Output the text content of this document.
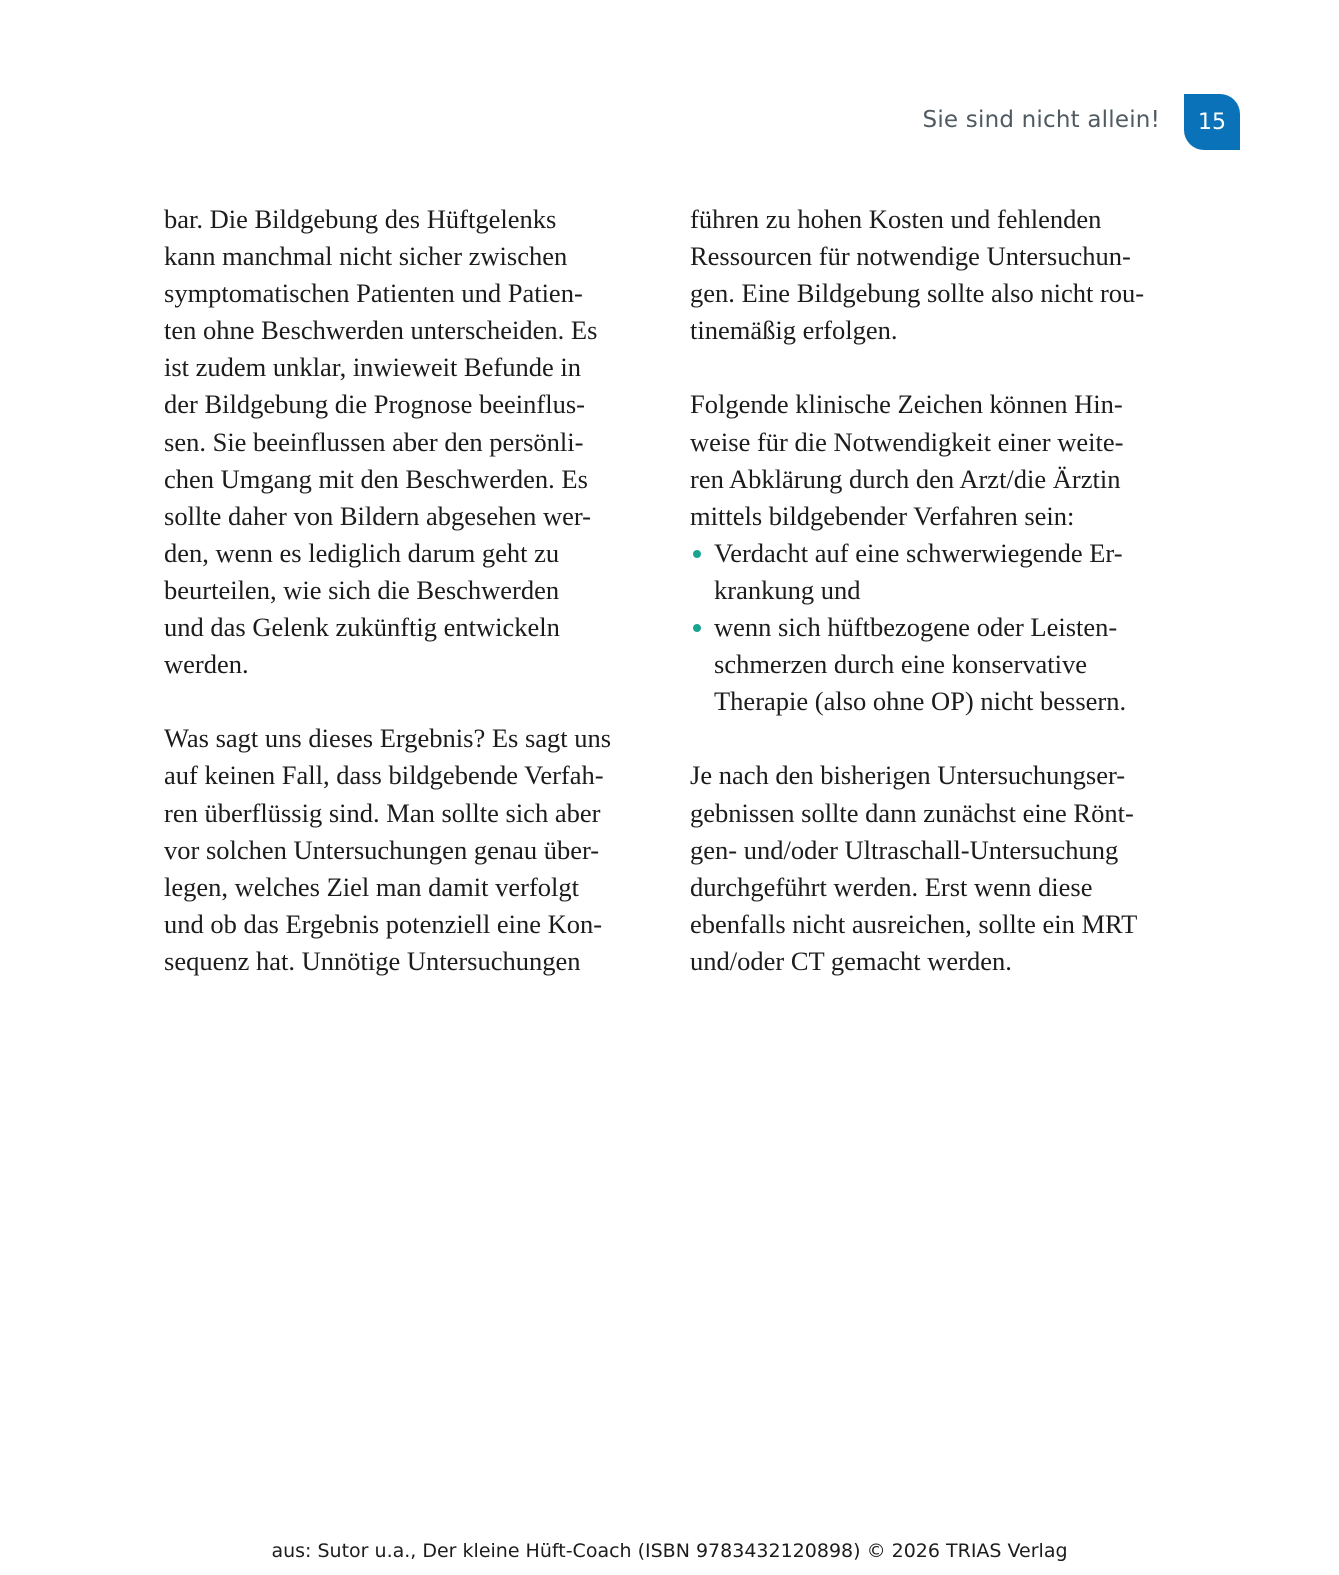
Sie sind nicht allein!	15

bar. Die Bildgebung des Hüftgelenks
kann manchmal nicht sicher zwischen
symptomatischen Patienten und Patien-
ten ohne Beschwerden unterscheiden. Es
ist zudem unklar, inwieweit Befunde in
der Bildgebung die Prognose beeinflus-
sen. Sie beeinflussen aber den persönli-
chen Umgang mit den Beschwerden. Es
sollte daher von Bildern abgesehen wer-
den, wenn es lediglich darum geht zu
beurteilen, wie sich die Beschwerden
und das Gelenk zukünftig entwickeln
werden.

Was sagt uns dieses Ergebnis? Es sagt uns
auf keinen Fall, dass bildgebende Verfah-
ren überflüssig sind. Man sollte sich aber
vor solchen Untersuchungen genau über-
legen, welches Ziel man damit verfolgt
und ob das Ergebnis potenziell eine Kon-
sequenz hat. Unnötige Untersuchungen

führen zu hohen Kosten und fehlenden
Ressourcen für notwendige Untersuchun-
gen. Eine Bildgebung sollte also nicht rou-
tinemäßig erfolgen.

Folgende klinische Zeichen können Hin-
weise für die Notwendigkeit einer weite-
ren Abklärung durch den Arzt/die Ärztin
mittels bildgebender Verfahren sein:

Verdacht auf eine schwerwiegende Er-
krankung und
wenn sich hüftbezogene oder Leisten-
schmerzen durch eine konservative
Therapie (also ohne OP) nicht bessern.

Je nach den bisherigen Untersuchungser-
gebnissen sollte dann zunächst eine Rönt-
gen- und/oder Ultraschall-Untersuchung
durchgeführt werden. Erst wenn diese
ebenfalls nicht ausreichen, sollte ein MRT
und/oder CT gemacht werden.

aus: Sutor u.a., Der kleine Hüft-Coach (ISBN 9783432120898) © 2026 TRIAS Verlag
